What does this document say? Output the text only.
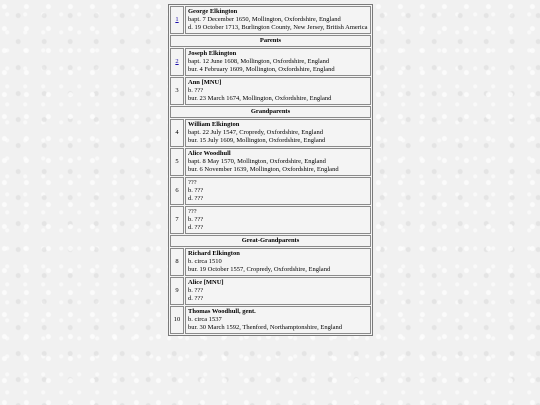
1	George Elkington
bapt. 7 December 1650, Mollington, Oxfordshire, England
d. 19 October 1713, Burlington County, New Jersey, British America

Parents	
2	Joseph Elkington
bapt. 12 June 1608, Mollington, Oxfordshire, England
bur. 4 February 1609, Mollington, Oxfordshire, England

3	Ann [MNU]
b. ???
bur. 23 March 1674, Mollington, Oxfordshire, England

Grandparents	
4	William Elkington
bapt. 22 July 1547, Cropredy, Oxfordshire, England
bur. 15 July 1609, Mollington, Oxfordshire, England

5	Alice Woodhull
bapt. 8 May 1570, Mollington, Oxfordshire, England
bur. 6 November 1639, Mollington, Oxfordshire, England

6	???
b. ???
d. ???

7	???
b. ???
d. ???

Great-Grandparents	
8	Richard Elkington
b. circa 1510
bur. 19 October 1557, Cropredy, Oxfordshire, England

9	Alice [MNU]
b. ???
d. ???

10	Thomas Woodhull, gent.
b. circa 1537
bur. 30 March 1592, Thenford, Northamptonshire, England
